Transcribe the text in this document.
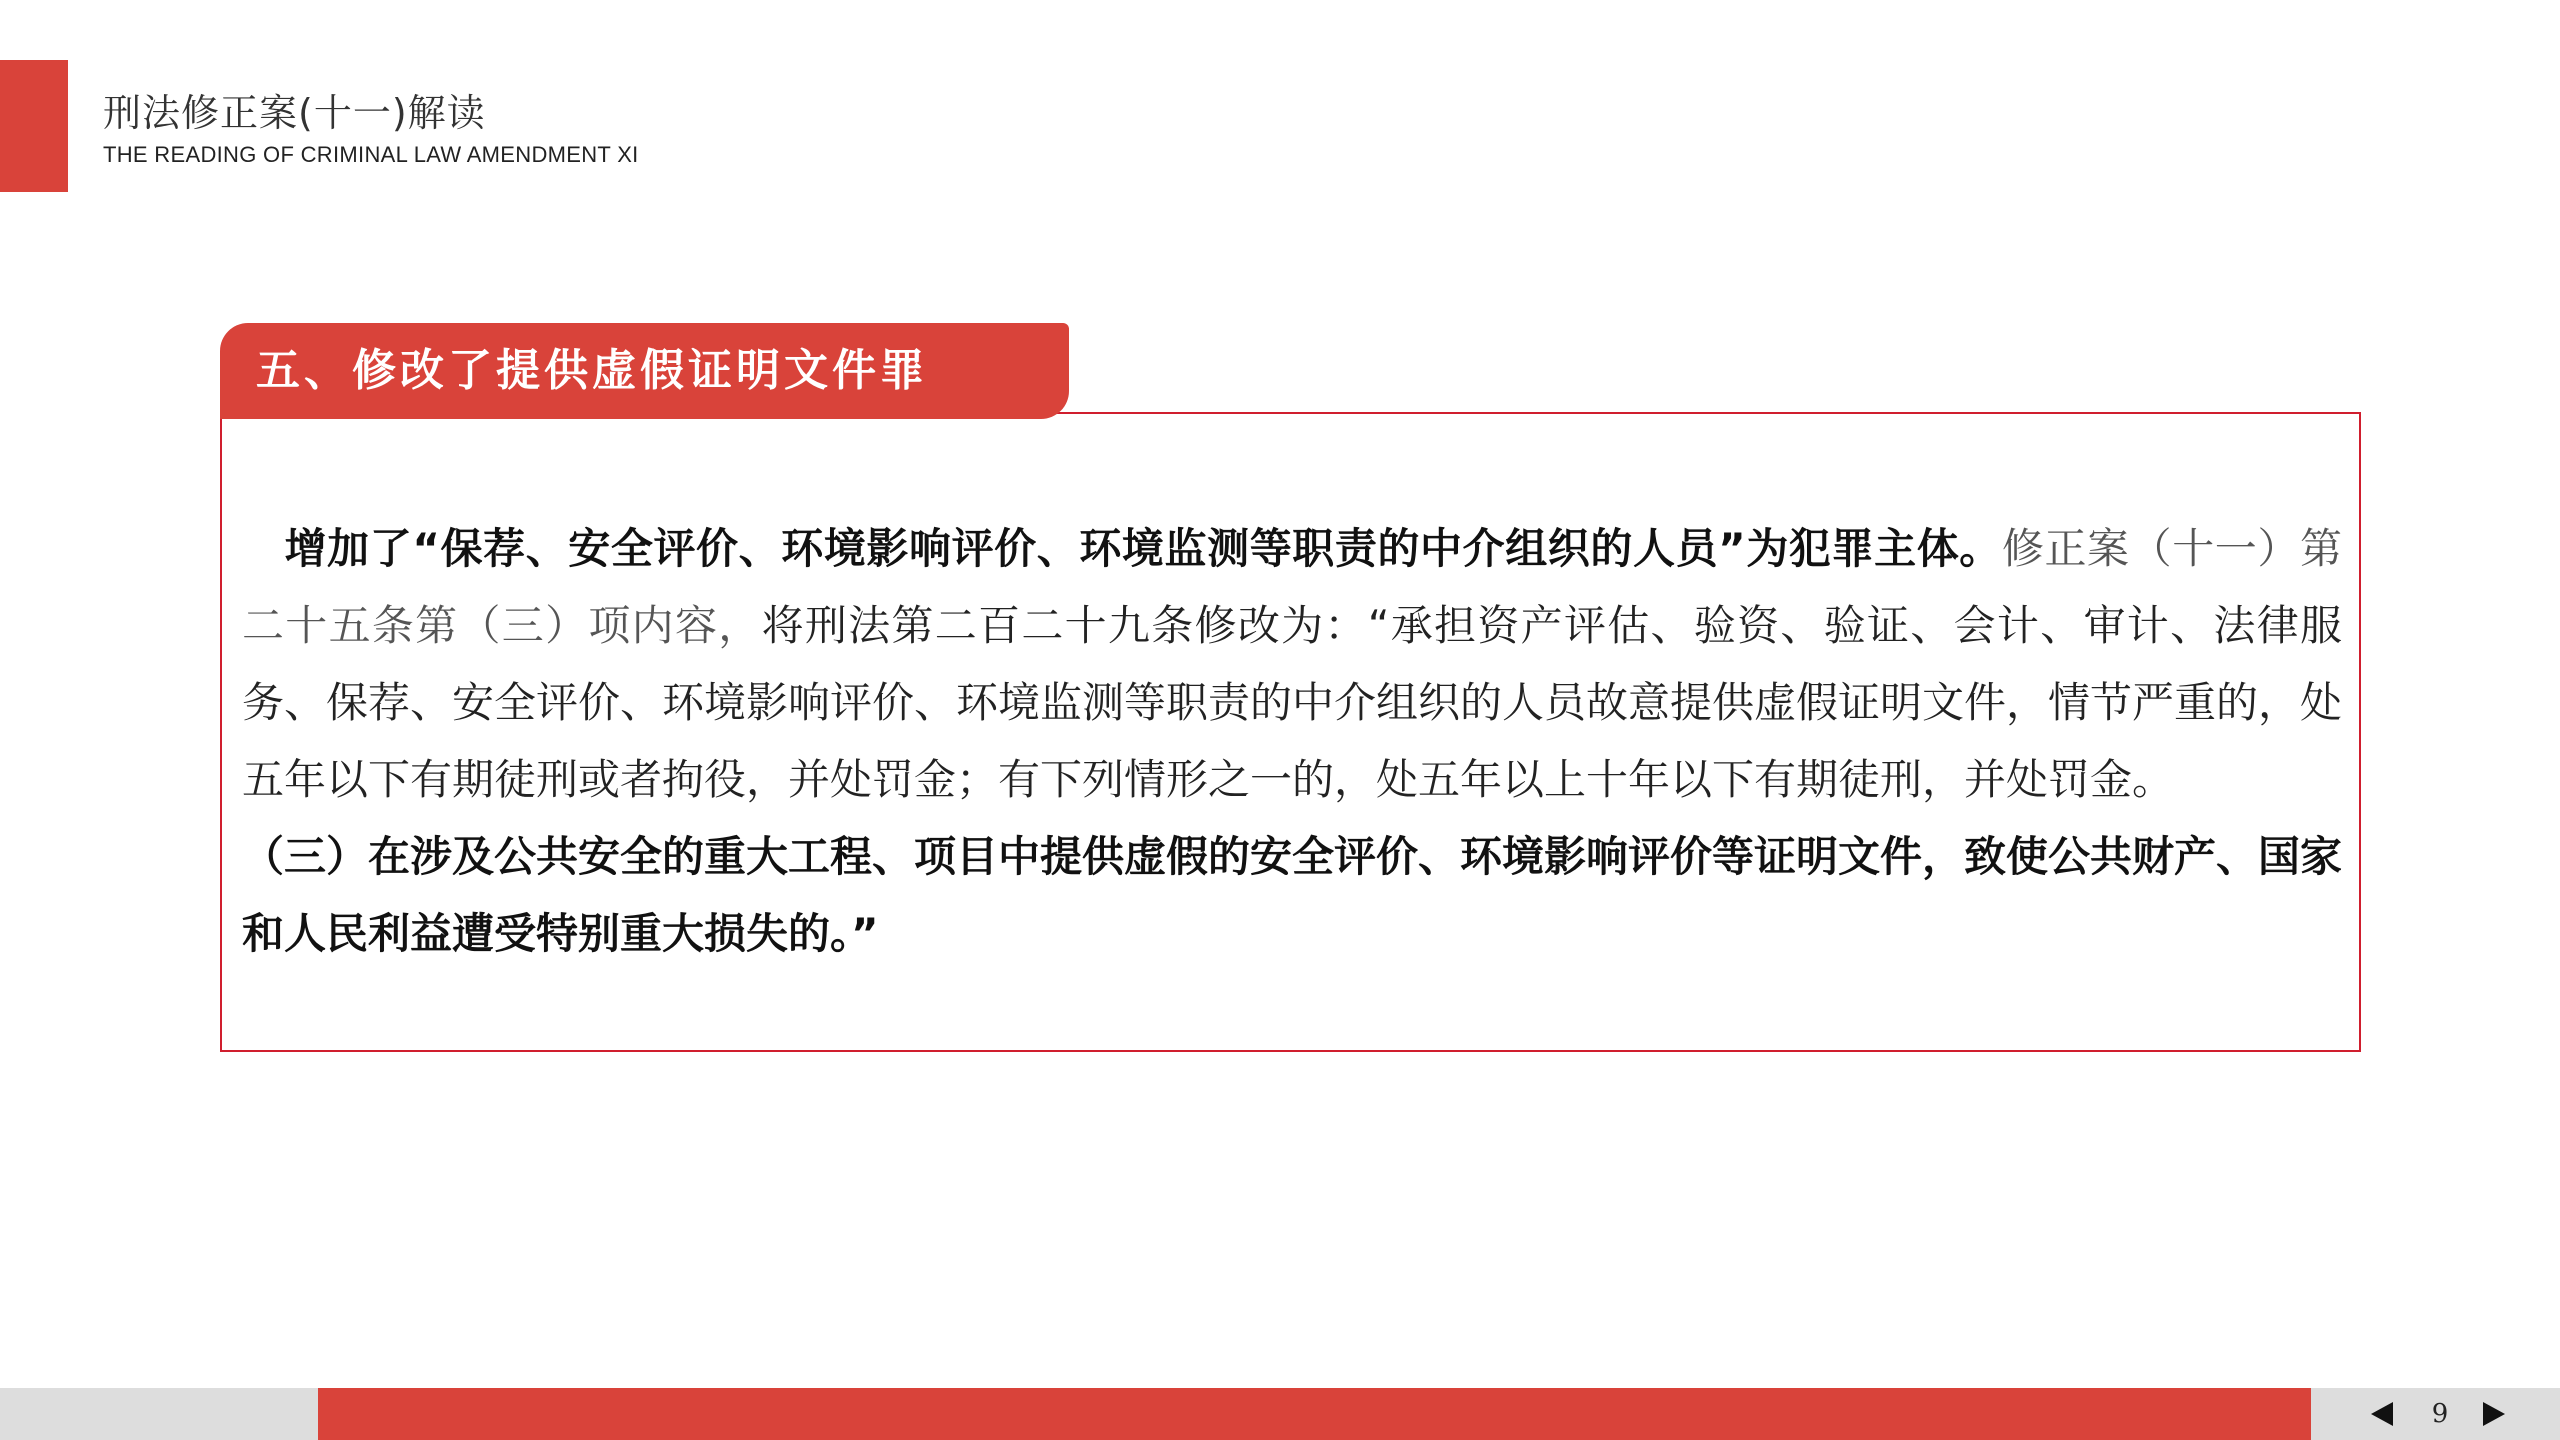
刑法修正案(十一)解读
THE READING OF CRIMINAL LAW AMENDMENT XI
五、修改了提供虚假证明文件罪
增加了“保荐、安全评价、环境影响评价、环境监测等职责的中介组织的人员”为犯罪主体。修正案（十一）第二十五条第（三）项内容，将刑法第二百二十九条修改为：“承担资产评估、验资、验证、会计、审计、法律服务、保荐、安全评价、环境影响评价、环境监测等职责的中介组织的人员故意提供虚假证明文件，情节严重的，处五年以下有期徒刑或者拘役，并处罚金；有下列情形之一的，处五年以上十年以下有期徒刑，并处罚金。
（三）在涉及公共安全的重大工程、项目中提供虚假的安全评价、环境影响评价等证明文件，致使公共财产、国家和人民利益遭受特别重大损失的。”
9
